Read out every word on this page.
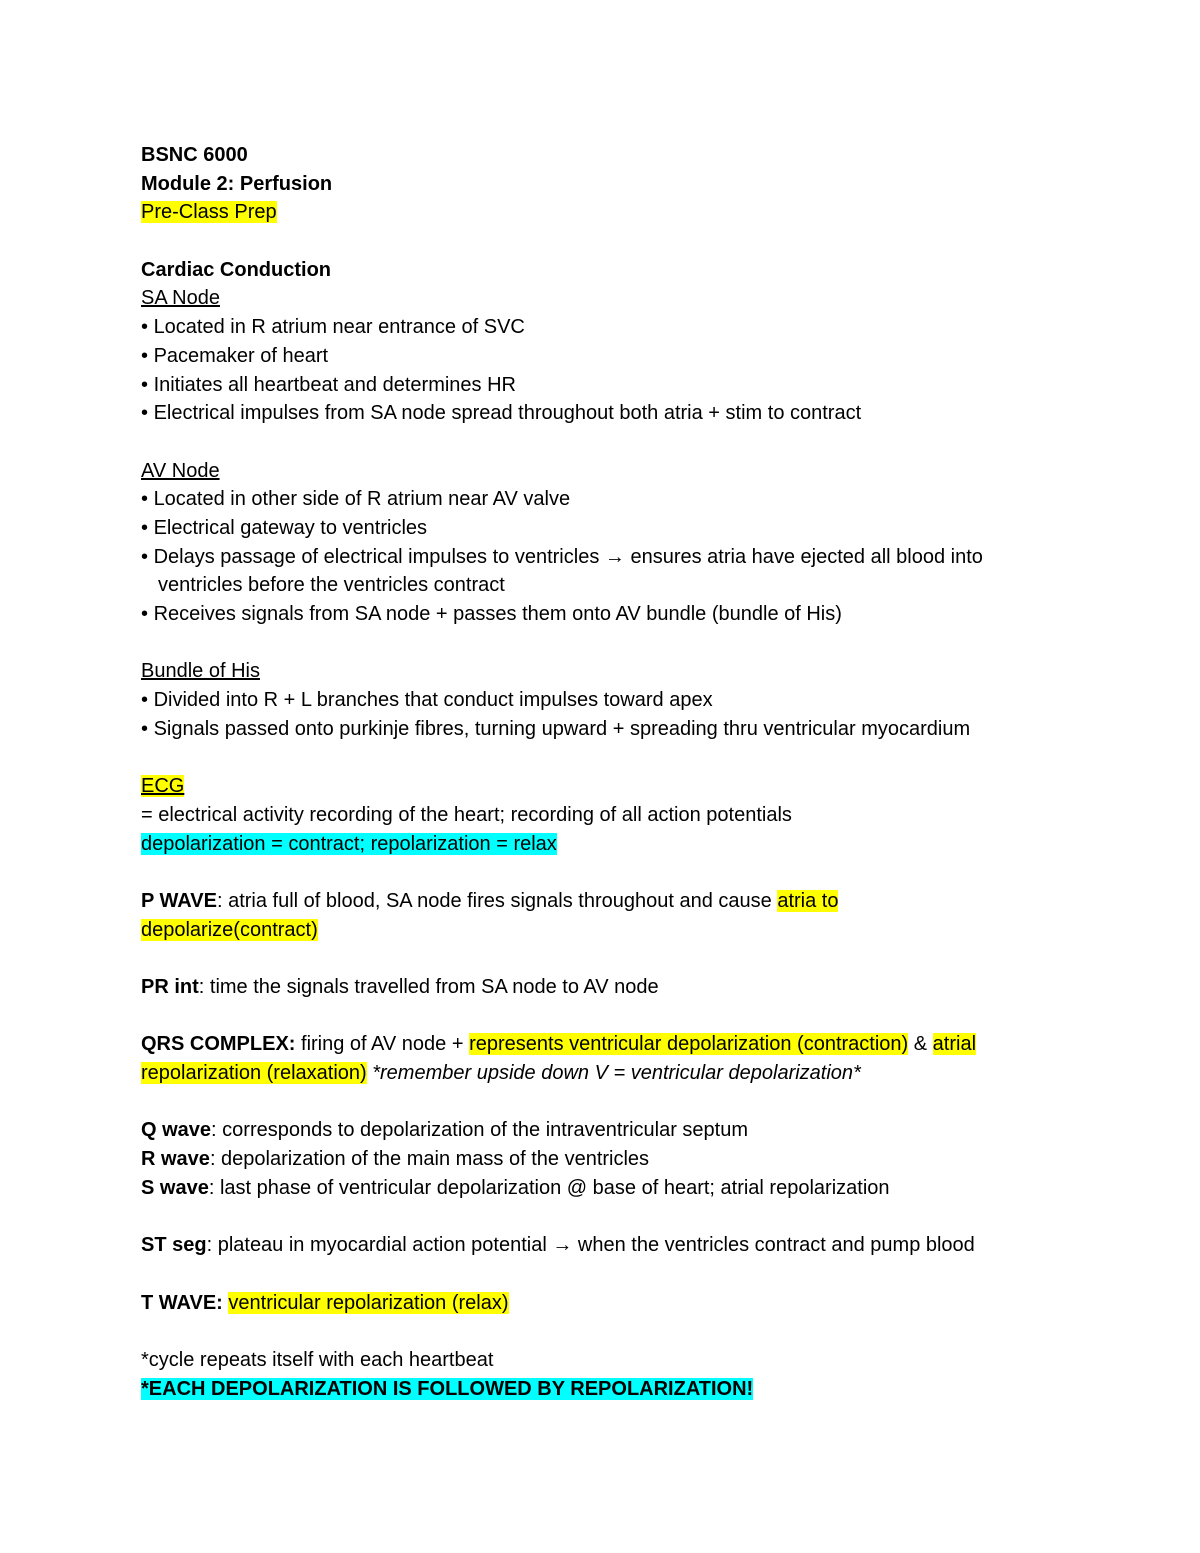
BSNC 6000
Module 2: Perfusion
Pre-Class Prep
Cardiac Conduction
SA Node
• Located in R atrium near entrance of SVC
• Pacemaker of heart
• Initiates all heartbeat and determines HR
• Electrical impulses from SA node spread throughout both atria + stim to contract
AV Node
• Located in other side of R atrium near AV valve
• Electrical gateway to ventricles
• Delays passage of electrical impulses to ventricles → ensures atria have ejected all blood into
ventricles before the ventricles contract
• Receives signals from SA node + passes them onto AV bundle (bundle of His)
Bundle of His
• Divided into R + L branches that conduct impulses toward apex
• Signals passed onto purkinje fibres, turning upward + spreading thru ventricular myocardium
ECG
= electrical activity recording of the heart; recording of all action potentials
depolarization = contract; repolarization = relax
P WAVE: atria full of blood, SA node fires signals throughout and cause atria to
depolarize(contract)
PR int: time the signals travelled from SA node to AV node
QRS COMPLEX: firing of AV node + represents ventricular depolarization (contraction) & atrial
repolarization (relaxation) *remember upside down V = ventricular depolarization*
Q wave: corresponds to depolarization of the intraventricular septum
R wave: depolarization of the main mass of the ventricles
S wave: last phase of ventricular depolarization @ base of heart; atrial repolarization
ST seg: plateau in myocardial action potential → when the ventricles contract and pump blood
T WAVE: ventricular repolarization (relax)
*cycle repeats itself with each heartbeat
*EACH DEPOLARIZATION IS FOLLOWED BY REPOLARIZATION!
